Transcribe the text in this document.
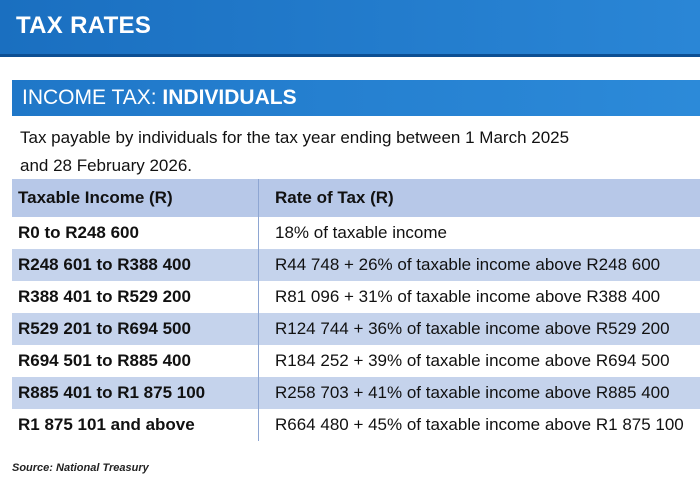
TAX RATES
INCOME TAX: INDIVIDUALS
Tax payable by individuals for the tax year ending between 1 March 2025
and 28 February 2026.
Taxable Income (R)	Rate of Tax (R)
R0 to R248 600	18% of taxable income
R248 601 to R388 400	R44 748 + 26% of taxable income above R248 600
R388 401 to R529 200	R81 096 + 31% of taxable income above R388 400
R529 201 to R694 500	R124 744 + 36% of taxable income above R529 200
R694 501 to R885 400	R184 252 + 39% of taxable income above R694 500
R885 401 to R1 875 100	R258 703 + 41% of taxable income above R885 400
R1 875 101 and above	R664 480 + 45% of taxable income above R1 875 100
Source: National Treasury
